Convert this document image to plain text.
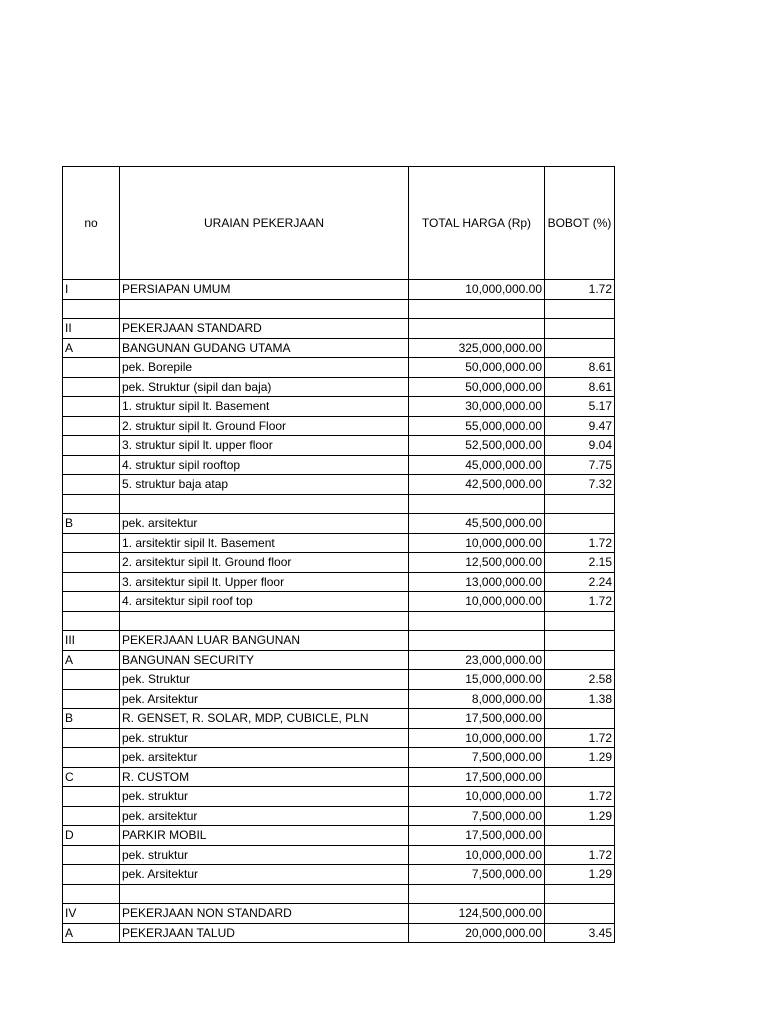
no	URAIAN PEKERJAAN	TOTAL HARGA (Rp)	BOBOT (%)
I	PERSIAPAN UMUM	10,000,000.00	1.72

II	PEKERJAAN STANDARD		
A	BANGUNAN GUDANG UTAMA	325,000,000.00	
	pek. Borepile	50,000,000.00	8.61
	pek. Struktur (sipil dan baja)	50,000,000.00	8.61
	1. struktur sipil lt. Basement	30,000,000.00	5.17
	2. struktur sipil lt. Ground Floor	55,000,000.00	9.47
	3. struktur sipil lt. upper floor	52,500,000.00	9.04
	4. struktur sipil rooftop	45,000,000.00	7.75
	5. struktur baja atap	42,500,000.00	7.32

B	pek. arsitektur	45,500,000.00	
	1. arsitektir sipil lt. Basement	10,000,000.00	1.72
	2. arsitektur sipil lt. Ground floor	12,500,000.00	2.15
	3. arsitektur sipil lt. Upper floor	13,000,000.00	2.24
	4. arsitektur sipil roof top	10,000,000.00	1.72

III	PEKERJAAN LUAR BANGUNAN		
A	BANGUNAN SECURITY	23,000,000.00	
	pek. Struktur	15,000,000.00	2.58
	pek. Arsitektur	8,000,000.00	1.38
B	R. GENSET, R. SOLAR, MDP, CUBICLE, PLN	17,500,000.00	
	pek. struktur	10,000,000.00	1.72
	pek. arsitektur	7,500,000.00	1.29
C	R. CUSTOM	17,500,000.00	
	pek. struktur	10,000,000.00	1.72
	pek. arsitektur	7,500,000.00	1.29
D	PARKIR MOBIL	17,500,000.00	
	pek. struktur	10,000,000.00	1.72
	pek. Arsitektur	7,500,000.00	1.29

IV	PEKERJAAN NON STANDARD	124,500,000.00	
A	PEKERJAAN TALUD	20,000,000.00	3.45
